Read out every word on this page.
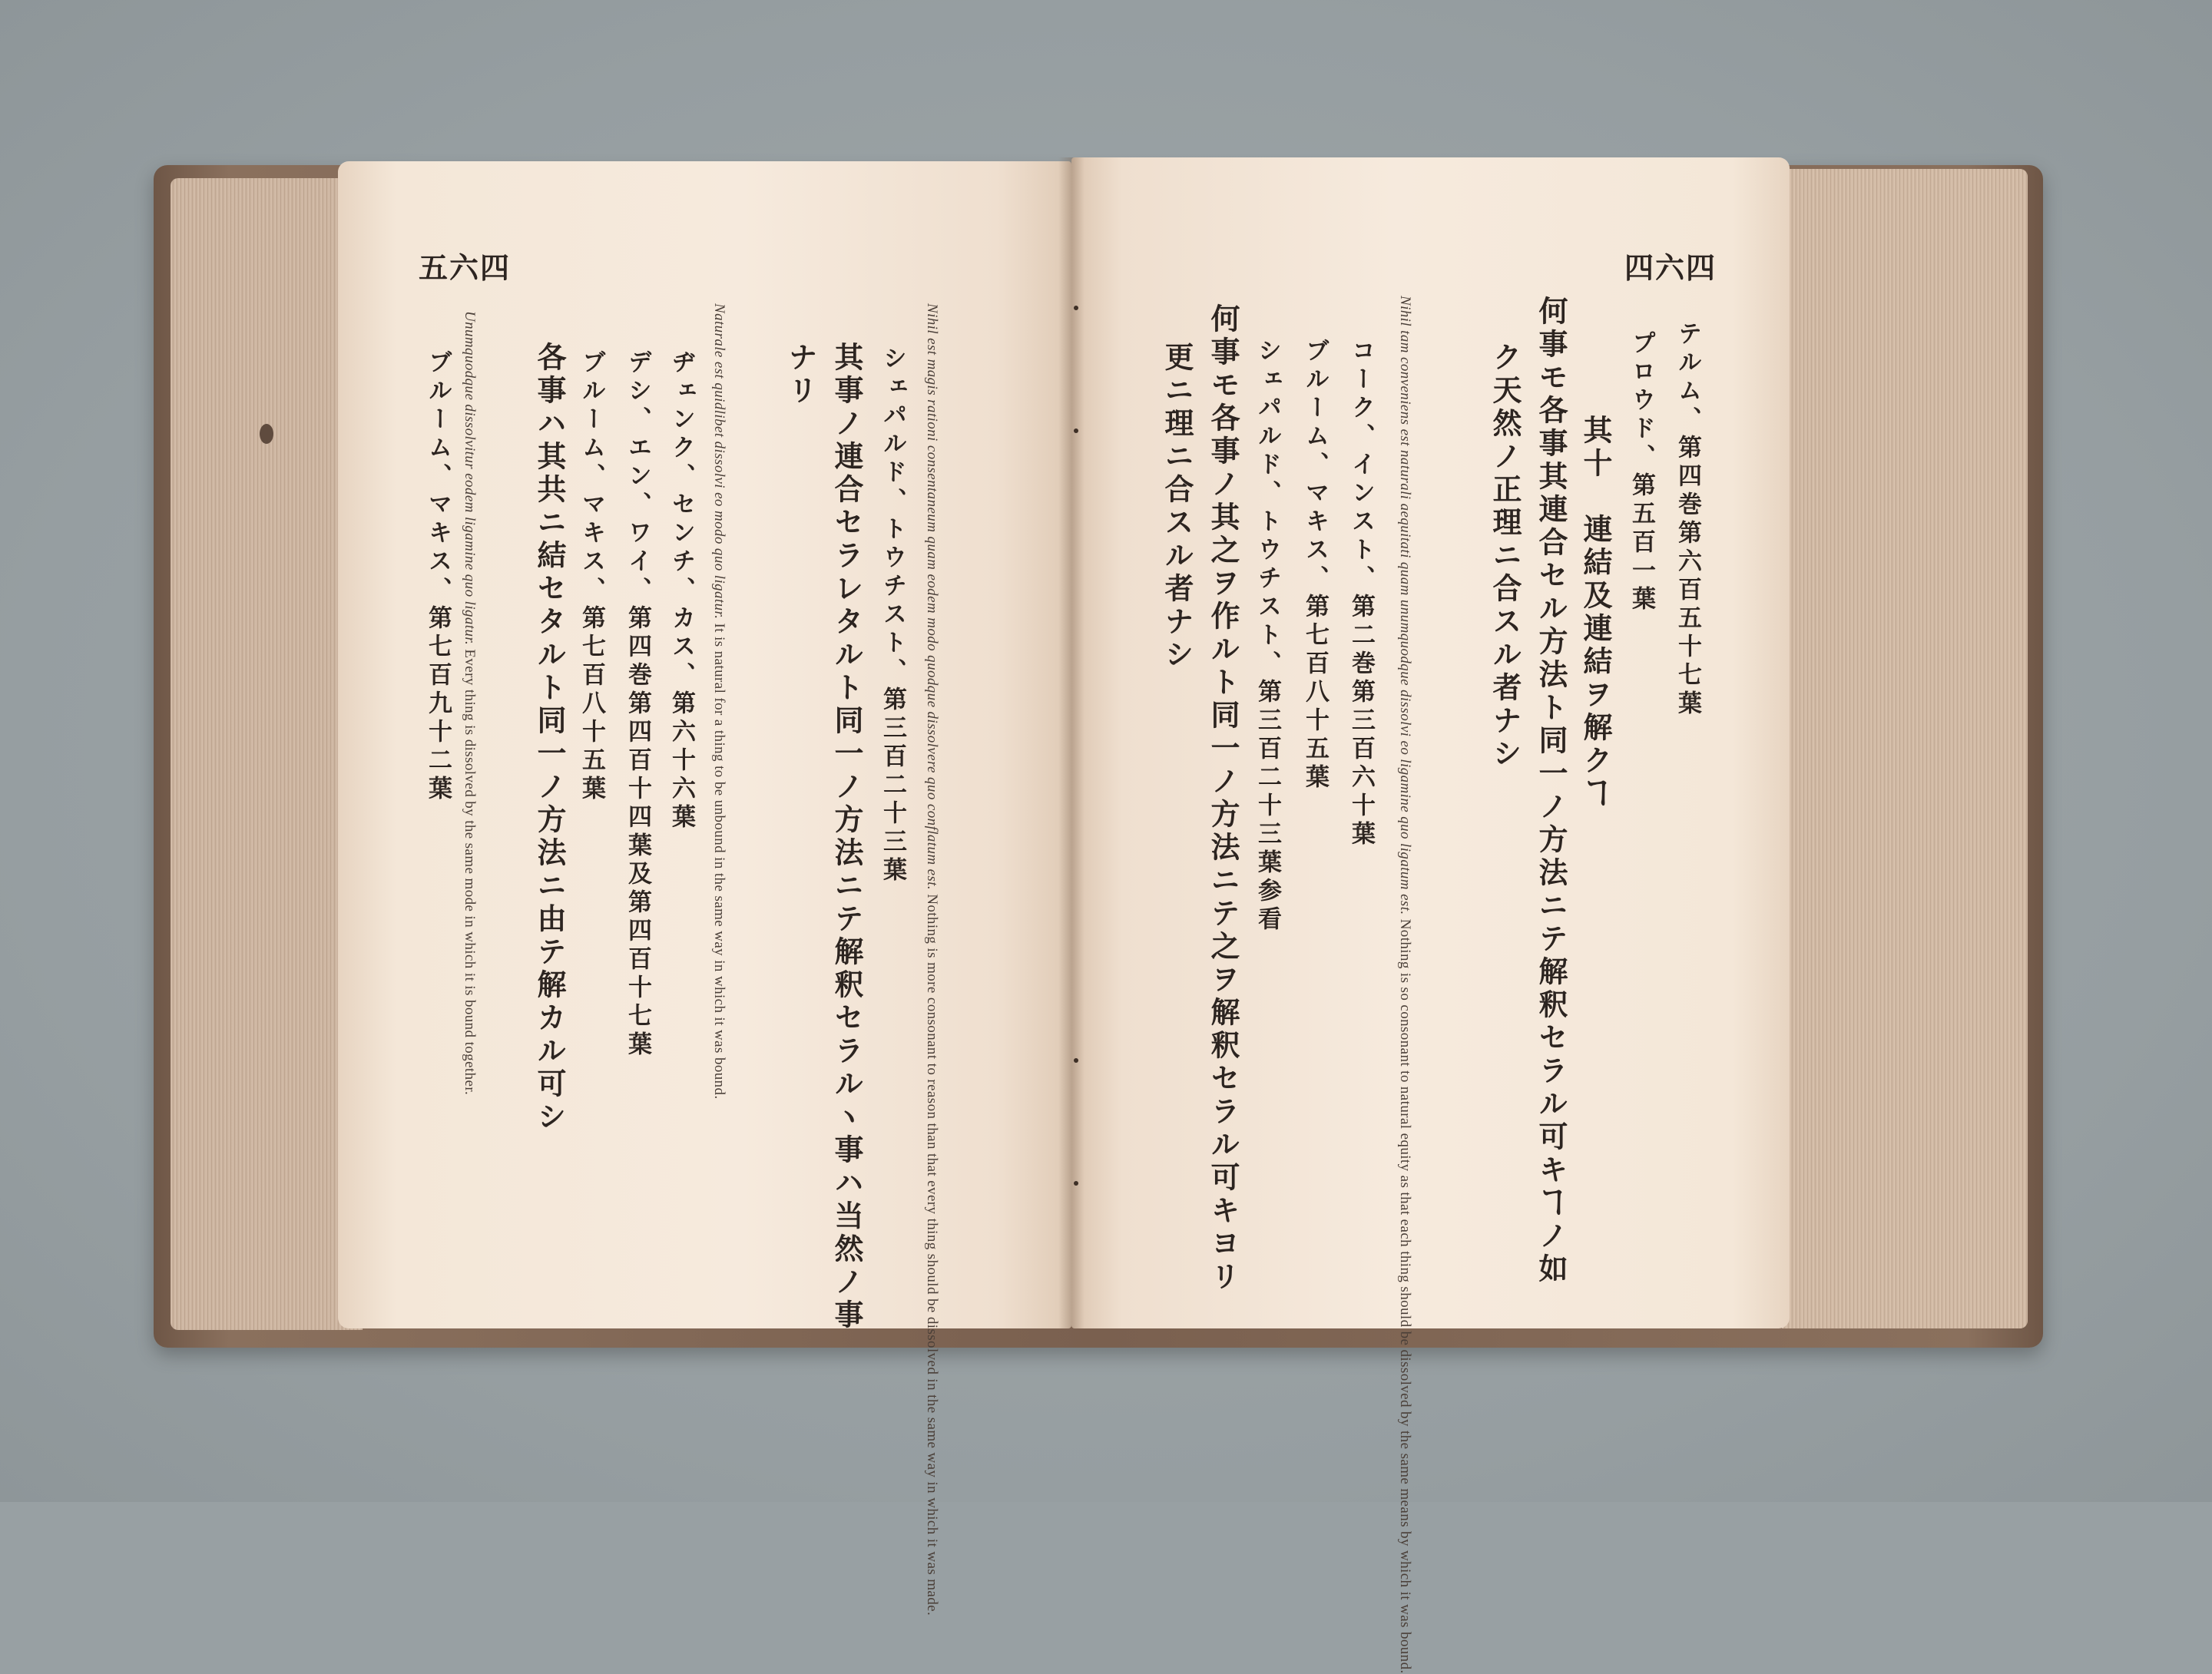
五六四
Nihil est magis rationi consentaneum quam eodem modo quodque dissolvere quo conflatum est. Nothing is more consonant to reason than that every thing should be dissolved in the same way in which it was made.
シェパルド、トウチスト、第三百二十三葉
其事ノ連合セラレタルト同一ノ方法ニテ解釈セラルヽ事ハ当然ノ事
ナリ
Naturale est quidlibet dissolvi eo modo quo ligatur. It is natural for a thing to be unbound in the same way in which it was bound.
ヂェンク、センチ、カス、第六十六葉
デシ、エン、ワイ、第四巻第四百十四葉及第四百十七葉
ブルーム、マキス、第七百八十五葉
各事ハ其共ニ結セタルト同一ノ方法ニ由テ解カル可シ
Unumquodque dissolvitur eodem ligamine quo ligatur. Every thing is dissolved by the same mode in which it is bound together.
ブルーム、マキス、第七百九十二葉
四六四
テルム、第四巻第六百五十七葉
プロウド、第五百一葉
其十　連結及連結ヲ解クヿ
何事モ各事其連合セル方法ト同一ノ方法ニテ解釈セラル可キヿノ如
ク天然ノ正理ニ合スル者ナシ
Nihil tam conveniens est naturali aequitati quam unumquodque dissolvi eo ligamine quo ligatum est. Nothing is so consonant to natural equity as that each thing should be dissolved by the same means by which it was bound.
コーク、インスト、第二巻第三百六十葉
ブルーム、マキス、第七百八十五葉
シェパルド、トウチスト、第三百二十三葉参看
何事モ各事ノ其之ヲ作ルト同一ノ方法ニテ之ヲ解釈セラル可キヨリ
更ニ理ニ合スル者ナシ
